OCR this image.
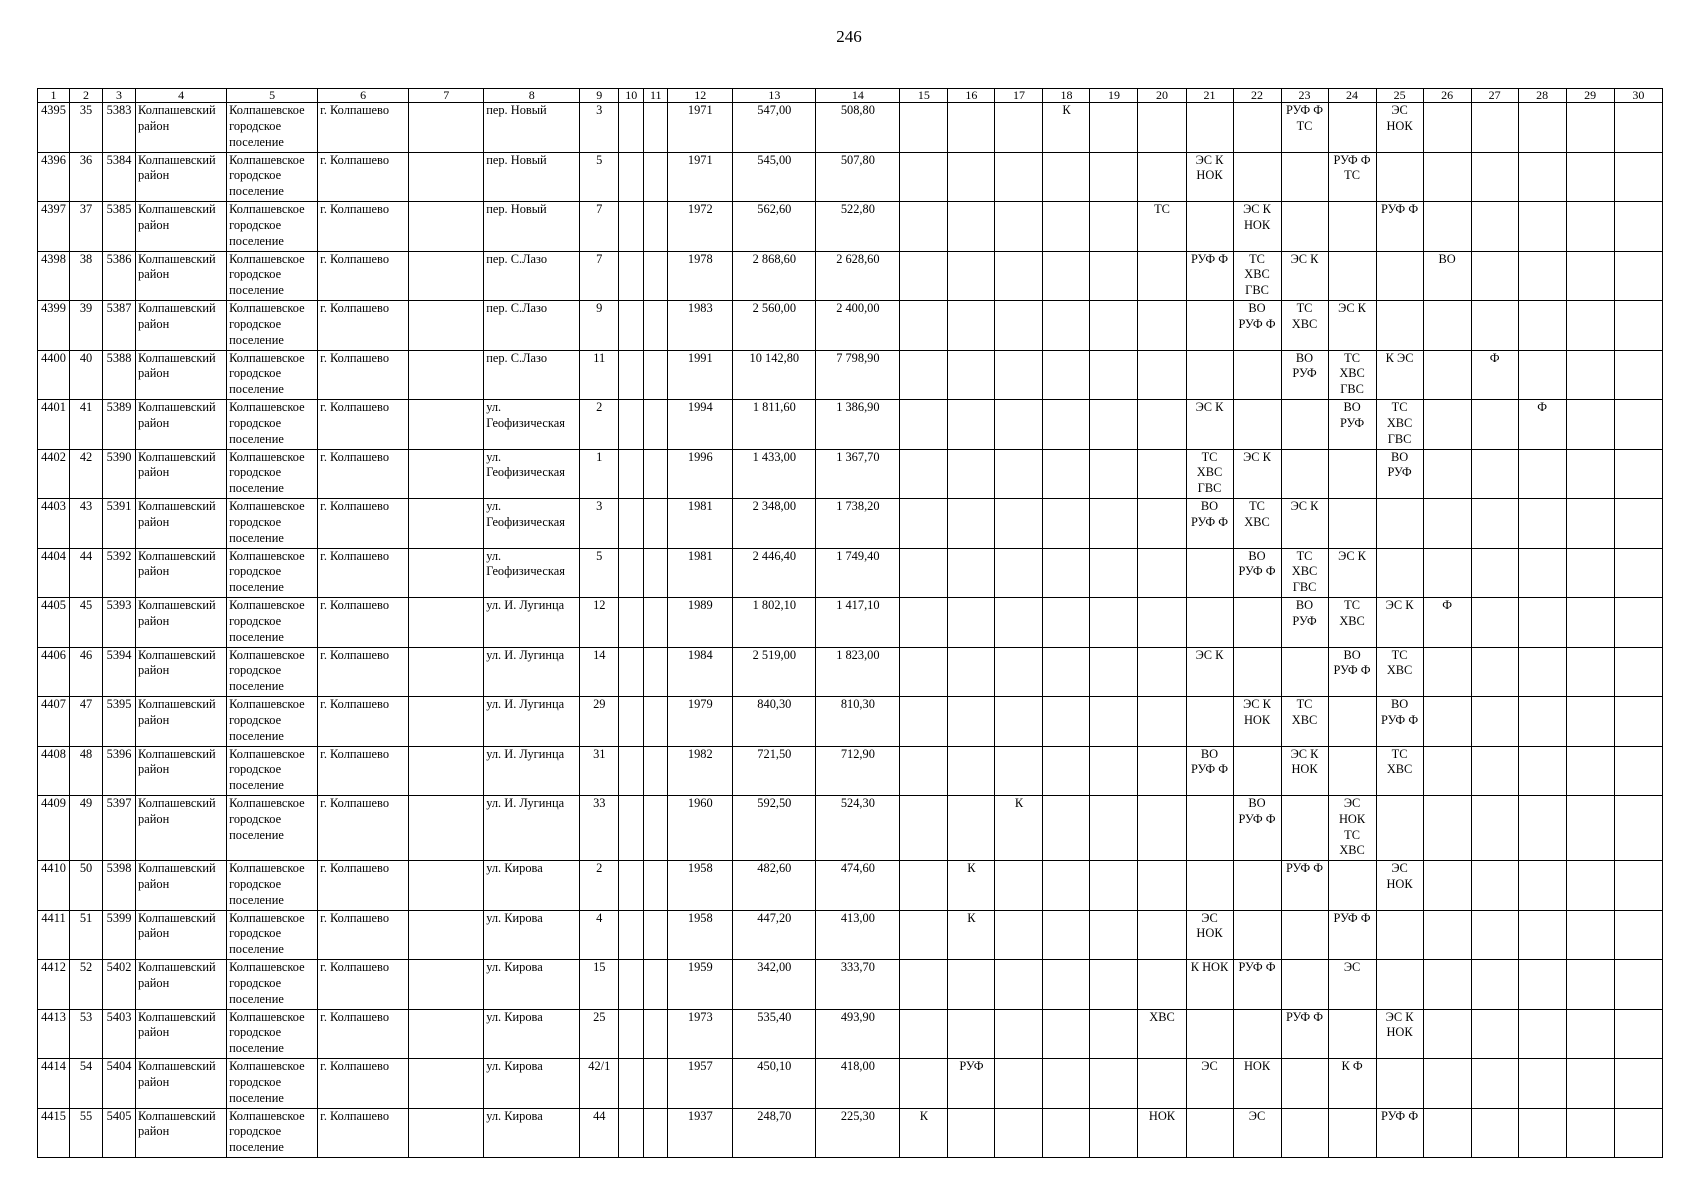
246
1	2	3	4	5	6	7	8	9	10	11	12	13	14	15	16	17	18	19	20	21	22	23	24	25	26	27	28	29	30
4395	35	5383	Колпашевский район	Колпашевское городское поселение	г. Колпашево		пер. Новый	3			1971	547,00	508,80				К					РУФ Ф ТС		ЭС НОК					
4396	36	5384	Колпашевский район	Колпашевское городское поселение	г. Колпашево		пер. Новый	5			1971	545,00	507,80							ЭС К НОК			РУФ Ф ТС						
4397	37	5385	Колпашевский район	Колпашевское городское поселение	г. Колпашево		пер. Новый	7			1972	562,60	522,80						ТС		ЭС К НОК			РУФ Ф					
4398	38	5386	Колпашевский район	Колпашевское городское поселение	г. Колпашево		пер. С.Лазо	7			1978	2 868,60	2 628,60							РУФ Ф	ТС ХВС ГВС	ЭС К			ВО				
4399	39	5387	Колпашевский район	Колпашевское городское поселение	г. Колпашево		пер. С.Лазо	9			1983	2 560,00	2 400,00								ВО РУФ Ф	ТС ХВС	ЭС К						
4400	40	5388	Колпашевский район	Колпашевское городское поселение	г. Колпашево		пер. С.Лазо	11			1991	10 142,80	7 798,90									ВО РУФ	ТС ХВС ГВС	К ЭС		Ф			
4401	41	5389	Колпашевский район	Колпашевское городское поселение	г. Колпашево		ул. Геофизическая	2			1994	1 811,60	1 386,90							ЭС К			ВО РУФ	ТС ХВС ГВС			Ф		
4402	42	5390	Колпашевский район	Колпашевское городское поселение	г. Колпашево		ул. Геофизическая	1			1996	1 433,00	1 367,70							ТС ХВС ГВС	ЭС К			ВО РУФ					
4403	43	5391	Колпашевский район	Колпашевское городское поселение	г. Колпашево		ул. Геофизическая	3			1981	2 348,00	1 738,20							ВО РУФ Ф	ТС ХВС	ЭС К							
4404	44	5392	Колпашевский район	Колпашевское городское поселение	г. Колпашево		ул. Геофизическая	5			1981	2 446,40	1 749,40								ВО РУФ Ф	ТС ХВС ГВС	ЭС К						
4405	45	5393	Колпашевский район	Колпашевское городское поселение	г. Колпашево		ул. И. Лугинца	12			1989	1 802,10	1 417,10									ВО РУФ	ТС ХВС	ЭС К	Ф				
4406	46	5394	Колпашевский район	Колпашевское городское поселение	г. Колпашево		ул. И. Лугинца	14			1984	2 519,00	1 823,00							ЭС К			ВО РУФ Ф	ТС ХВС					
4407	47	5395	Колпашевский район	Колпашевское городское поселение	г. Колпашево		ул. И. Лугинца	29			1979	840,30	810,30								ЭС К НОК	ТС ХВС		ВО РУФ Ф					
4408	48	5396	Колпашевский район	Колпашевское городское поселение	г. Колпашево		ул. И. Лугинца	31			1982	721,50	712,90							ВО РУФ Ф		ЭС К НОК		ТС ХВС					
4409	49	5397	Колпашевский район	Колпашевское городское поселение	г. Колпашево		ул. И. Лугинца	33			1960	592,50	524,30			К					ВО РУФ Ф		ЭС НОК ТС ХВС						
4410	50	5398	Колпашевский район	Колпашевское городское поселение	г. Колпашево		ул. Кирова	2			1958	482,60	474,60		К							РУФ Ф		ЭС НОК					
4411	51	5399	Колпашевский район	Колпашевское городское поселение	г. Колпашево		ул. Кирова	4			1958	447,20	413,00		К					ЭС НОК			РУФ Ф						
4412	52	5402	Колпашевский район	Колпашевское городское поселение	г. Колпашево		ул. Кирова	15			1959	342,00	333,70							К НОК	РУФ Ф		ЭС						
4413	53	5403	Колпашевский район	Колпашевское городское поселение	г. Колпашево		ул. Кирова	25			1973	535,40	493,90						ХВС			РУФ Ф		ЭС К НОК					
4414	54	5404	Колпашевский район	Колпашевское городское поселение	г. Колпашево		ул. Кирова	42/1			1957	450,10	418,00		РУФ					ЭС	НОК		К Ф						
4415	55	5405	Колпашевский район	Колпашевское городское поселение	г. Колпашево		ул. Кирова	44			1937	248,70	225,30	К					НОК		ЭС			РУФ Ф					
